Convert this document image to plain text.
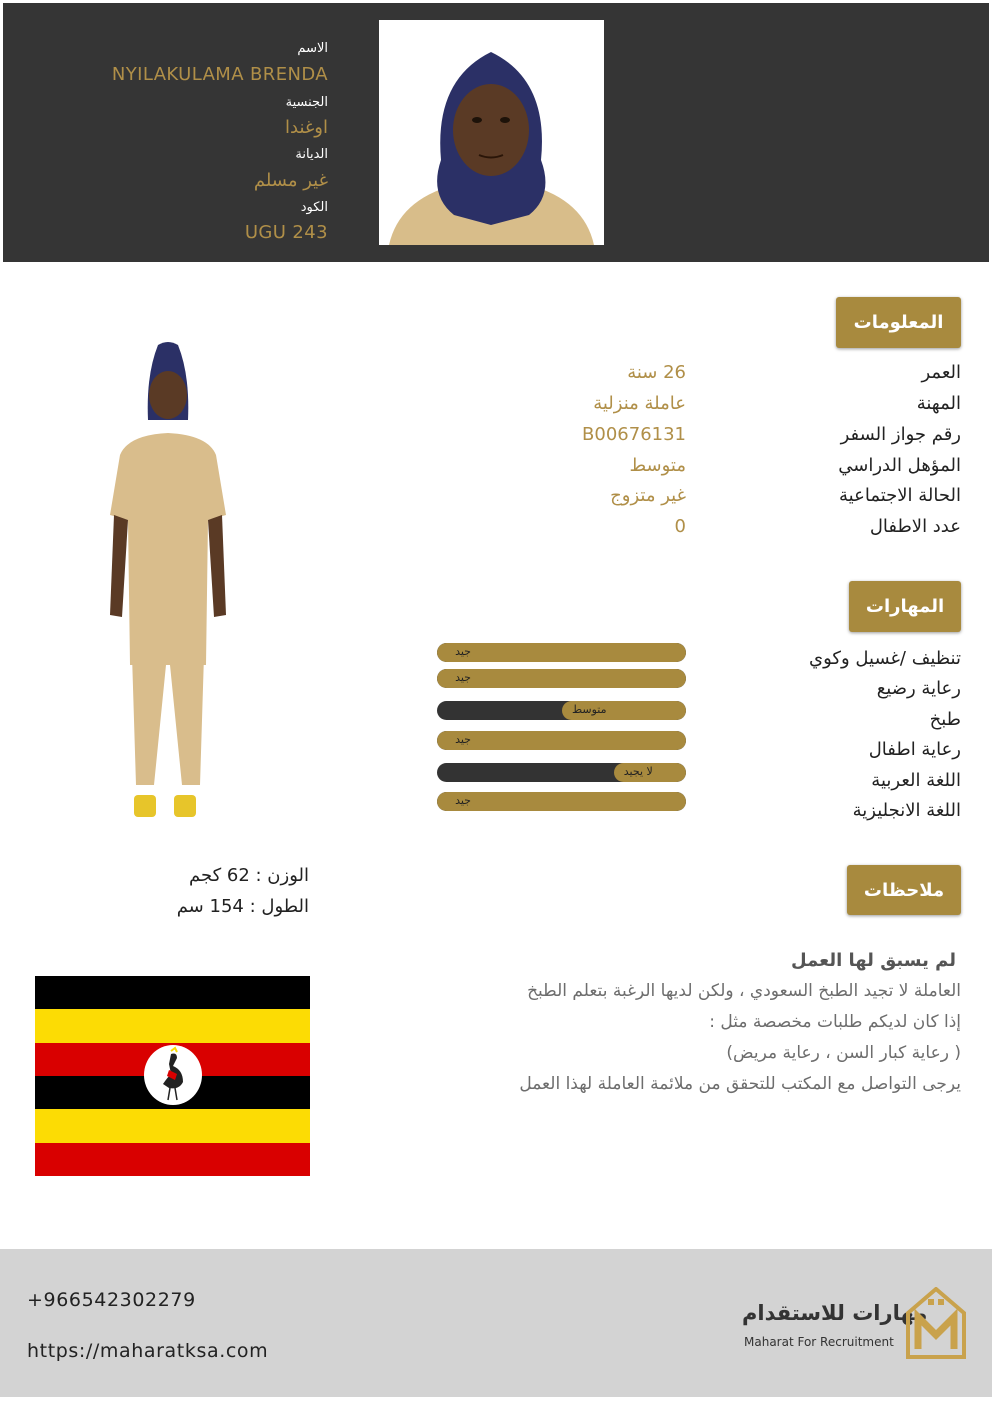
الاسم
NYILAKULAMA BRENDA
الجنسية
اوغندا
الديانة
غير مسلم
الكود
UGU 243
المعلومات
العمر
26 سنة
المهنة
عاملة منزلية
رقم جواز السفر
B00676131
المؤهل الدراسي
متوسط
الحالة الاجتماعية
غير متزوج
عدد الاطفال
0
المهارات
تنظيف /غسيل وكوي
رعاية رضيع
طبخ
رعاية اطفال
اللغة العربية
اللغة الانجليزية
جيد
جيد
متوسط
جيد
لا يجيد
جيد
ملاحظات
لم يسبق لها العمل
العاملة لا تجيد الطبخ السعودي ، ولكن لديها الرغبة بتعلم الطبخ
إذا كان لديكم طلبات مخصصة مثل :
( رعاية كبار السن ، رعاية مريض)
يرجى التواصل مع المكتب للتحقق من ملائمة العاملة لهذا العمل
الوزن : 62 كجم
الطول : 154 سم
+966542302279
https://maharatksa.com
مهارات للاستقدام
Maharat For Recruitment
